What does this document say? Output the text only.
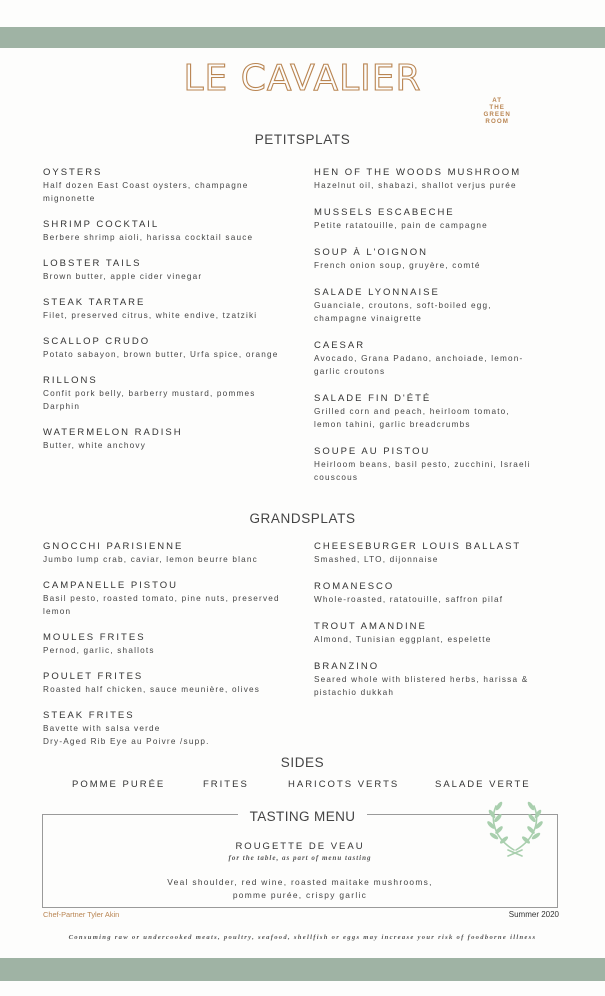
LE CAVALIER
AT THE GREEN ROOM
PETITSPLATS
OYSTERS
Half dozen East Coast oysters, champagne
mignonette
SHRIMP COCKTAIL
Berbere shrimp aioli, harissa cocktail sauce
LOBSTER TAILS
Brown butter, apple cider vinegar
STEAK TARTARE
Filet, preserved citrus, white endive, tzatziki
SCALLOP CRUDO
Potato sabayon, brown butter, Urfa spice, orange
RILLONS
Confit pork belly, barberry mustard, pommes
Darphin
WATERMELON RADISH
Butter, white anchovy
HEN OF THE WOODS MUSHROOM
Hazelnut oil, shabazi, shallot verjus purée
MUSSELS ESCABECHE
Petite ratatouille, pain de campagne
SOUP À L'OIGNON
French onion soup, gruyère, comté
SALADE LYONNAISE
Guanciale, croutons, soft-boiled egg,
champagne vinaigrette
CAESAR
Avocado, Grana Padano, anchoiade, lemon-
garlic croutons
SALADE FIN D'ÉTÉ
Grilled corn and peach, heirloom tomato,
lemon tahini, garlic breadcrumbs
SOUPE AU PISTOU
Heirloom beans, basil pesto, zucchini, Israeli
couscous
GRANDSPLATS
GNOCCHI PARISIENNE
Jumbo lump crab, caviar, lemon beurre blanc
CAMPANELLE PISTOU
Basil pesto, roasted tomato, pine nuts, preserved
lemon
MOULES FRITES
Pernod, garlic, shallots
POULET FRITES
Roasted half chicken, sauce meunière, olives
STEAK FRITES
Bavette with salsa verde
Dry-Aged Rib Eye au Poivre /supp.
CHEESEBURGER LOUIS BALLAST
Smashed, LTO, dijonnaise
ROMANESCO
Whole-roasted, ratatouille, saffron pilaf
TROUT AMANDINE
Almond, Tunisian eggplant, espelette
BRANZINO
Seared whole with blistered herbs, harissa &
pistachio dukkah
SIDES
POMME PURÉE	FRITES	HARICOTS VERTS	SALADE VERTE
TASTING MENU
ROUGETTE DE VEAU
for the table, as part of menu tasting
Veal shoulder, red wine, roasted maitake mushrooms,
pomme purée, crispy garlic
Chef-Partner Tyler Akin	Summer 2020
Consuming raw or undercooked meats, poultry, seafood, shellfish or eggs may increase your risk of foodborne illness
